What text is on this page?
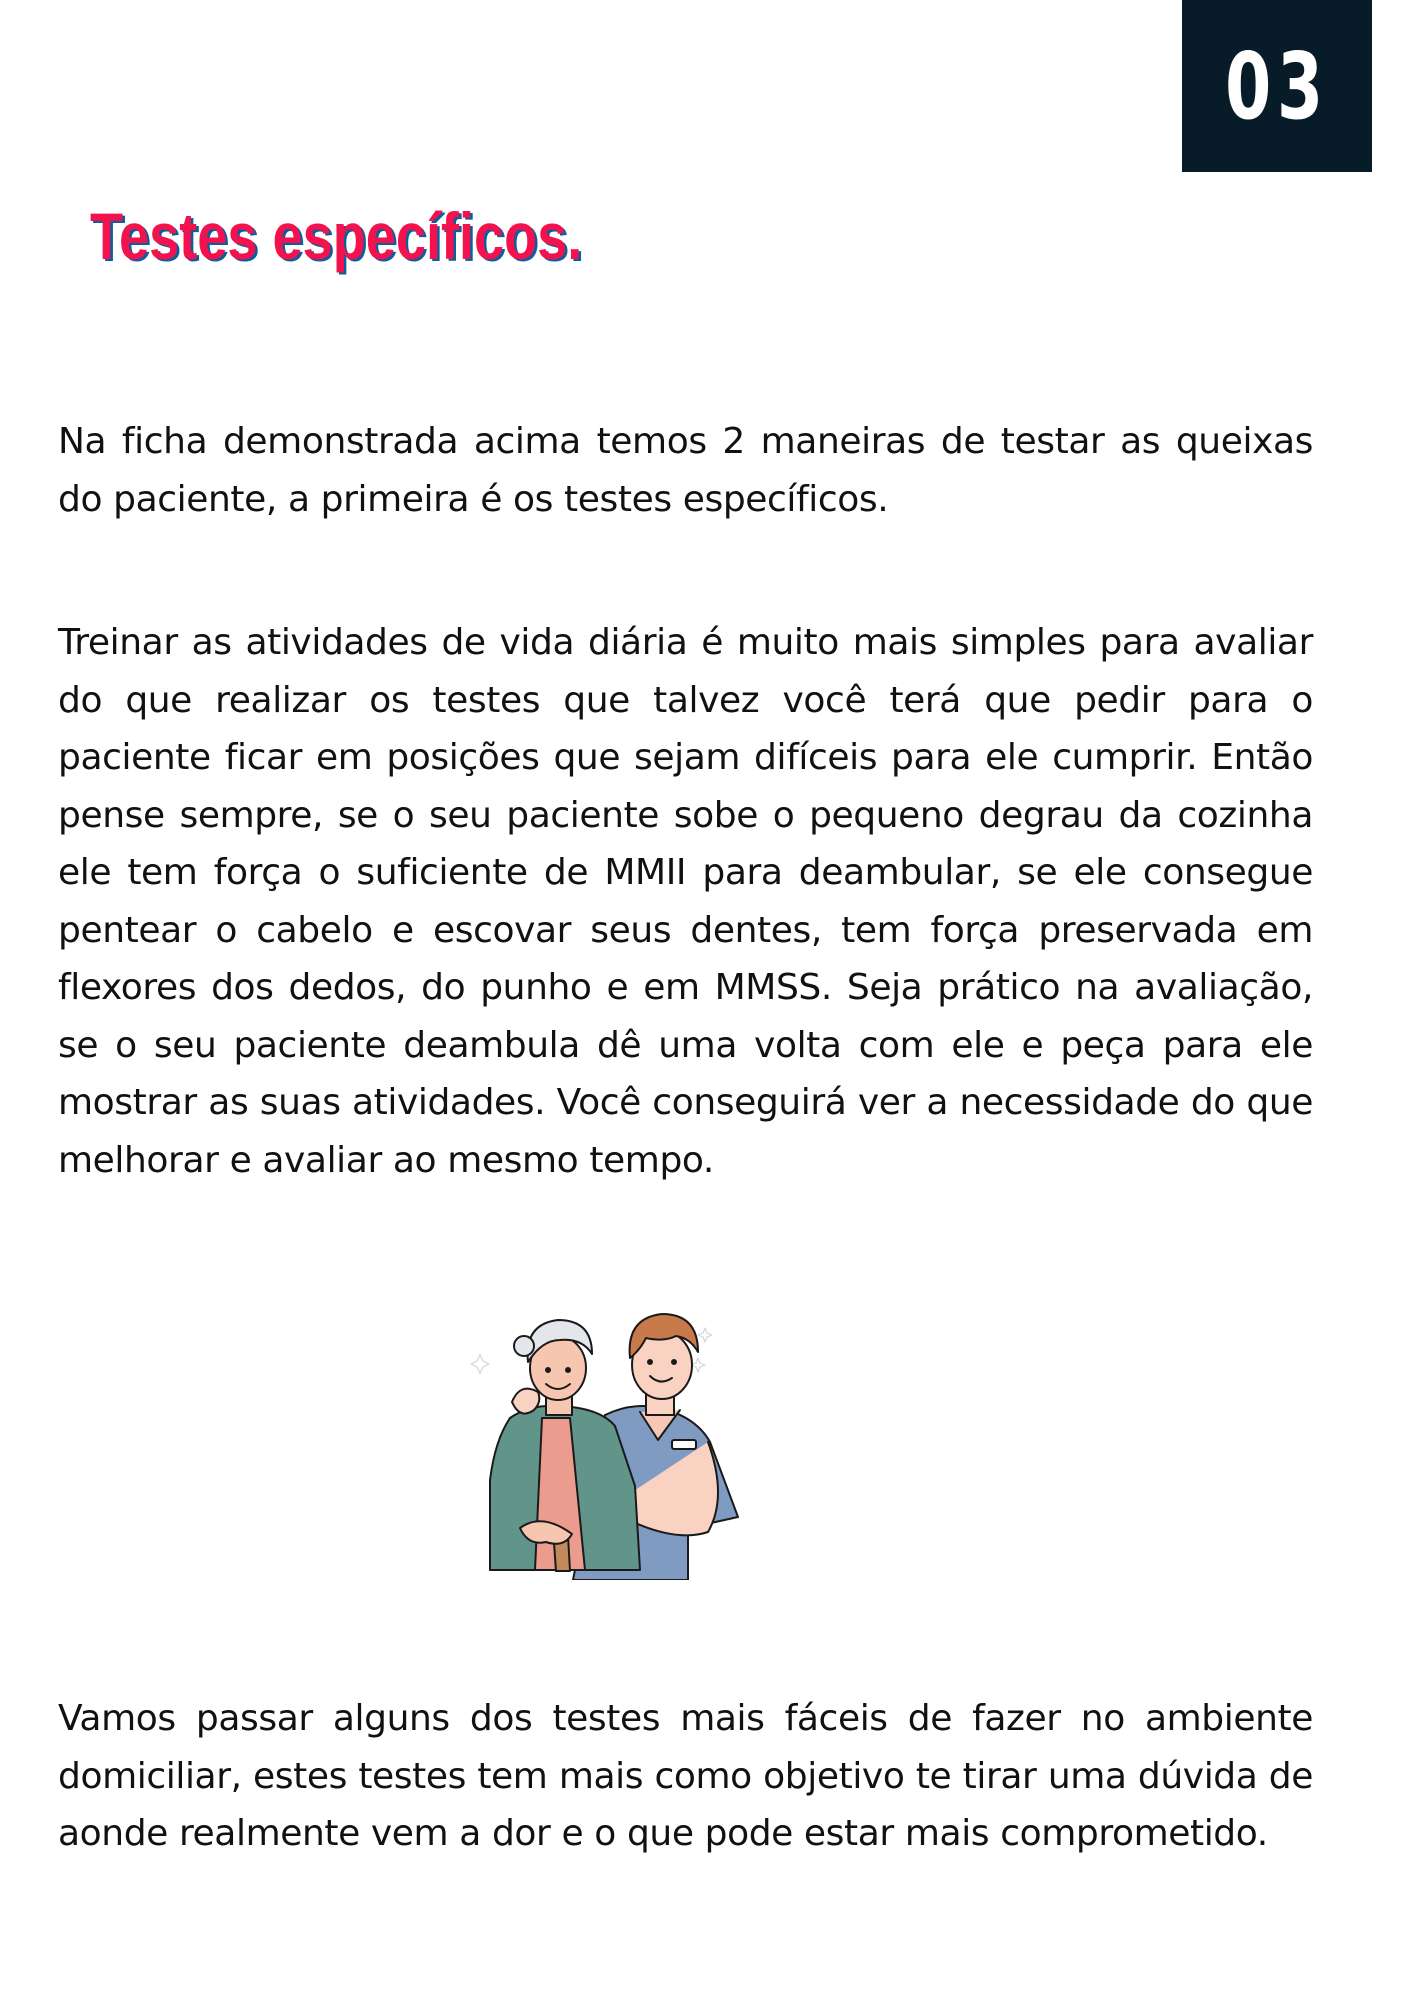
03
Testes específicos.

Na ficha demonstrada acima temos 2 maneiras de testar as queixas do paciente, a primeira é os testes específicos.

Treinar as atividades de vida diária é muito mais simples para avaliar do que realizar os testes que talvez você terá que pedir para o paciente ficar em posições que sejam difíceis para ele cumprir. Então pense sempre, se o seu paciente sobe o pequeno degrau da cozinha ele tem força o suficiente de MMII para deambular, se ele consegue pentear o cabelo e escovar seus dentes, tem força preservada em flexores dos dedos, do punho e em MMSS. Seja prático na avaliação, se o seu paciente deambula dê uma volta com ele e peça para ele mostrar as suas atividades. Você conseguirá ver a necessidade do que melhorar e avaliar ao mesmo tempo.

Vamos passar alguns dos testes mais fáceis de fazer no ambiente domiciliar, estes testes tem mais como objetivo te tirar uma dúvida de aonde realmente vem a dor e o que pode estar mais comprometido.
